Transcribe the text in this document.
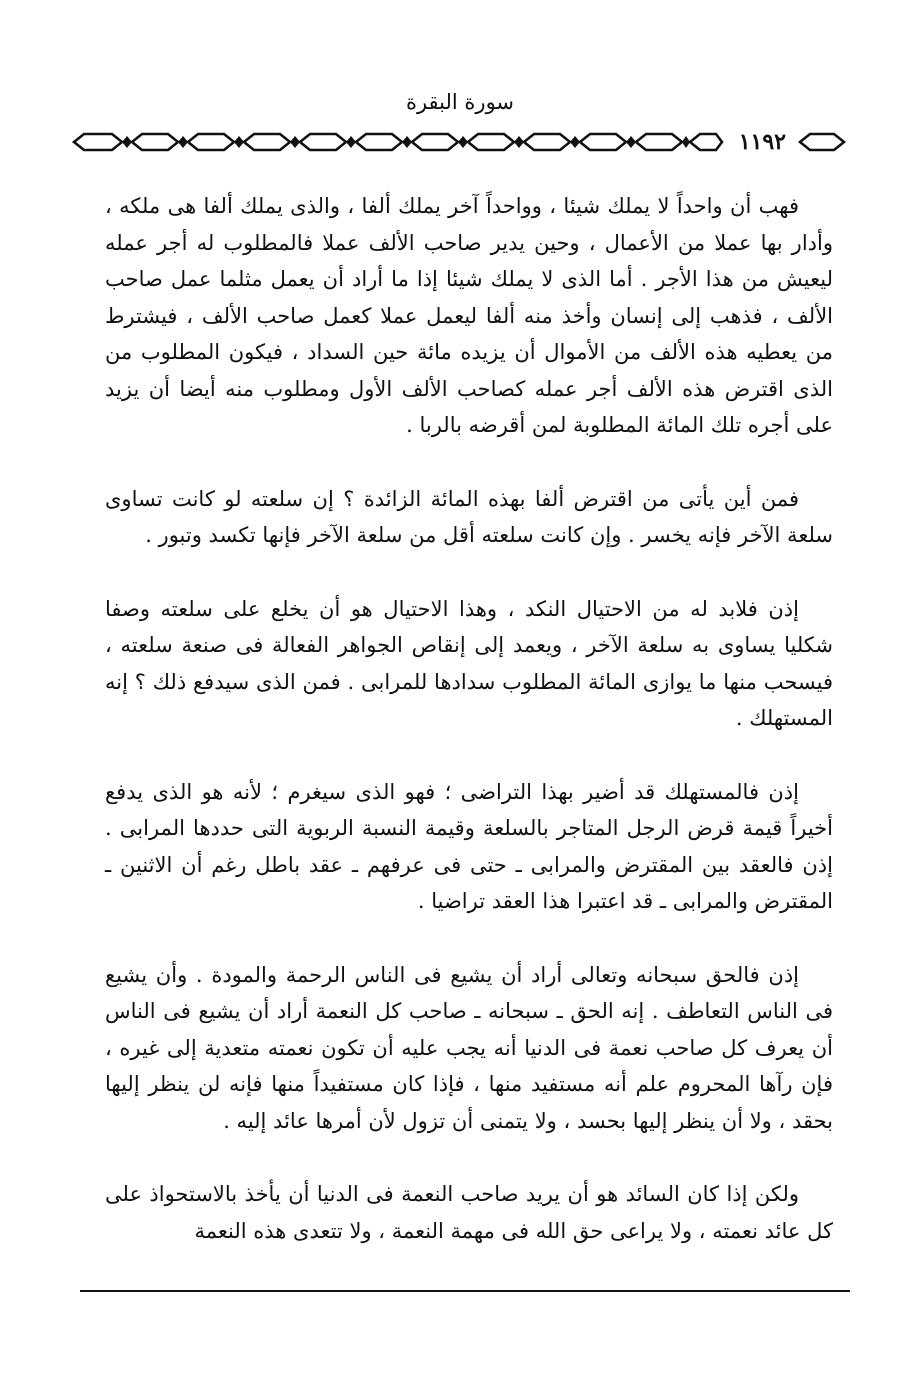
سورة البقرة
١١٩٢

فهب أن واحداً لا يملك شيئا ، وواحداً آخر يملك ألفا ، والذى يملك ألفا هى ملكه ، وأدار بها عملا من الأعمال ، وحين يدير صاحب الألف عملا فالمطلوب له أجر عمله ليعيش من هذا الأجر . أما الذى لا يملك شيئا إذا ما أراد أن يعمل مثلما عمل صاحب الألف ، فذهب إلى إنسان وأخذ منه ألفا ليعمل عملا كعمل صاحب الألف ، فيشترط من يعطيه هذه الألف من الأموال أن يزيده مائة حين السداد ، فيكون المطلوب من الذى اقترض هذه الألف أجر عمله كصاحب الألف الأول ومطلوب منه أيضا أن يزيد على أجره تلك المائة المطلوبة لمن أقرضه بالربا .

فمن أين يأتى من اقترض ألفا بهذه المائة الزائدة ؟ إن سلعته لو كانت تساوى سلعة الآخر فإنه يخسر . وإن كانت سلعته أقل من سلعة الآخر فإنها تكسد وتبور .

إذن فلابد له من الاحتيال النكد ، وهذا الاحتيال هو أن يخلع على سلعته وصفا شكليا يساوى به سلعة الآخر ، ويعمد إلى إنقاص الجواهر الفعالة فى صنعة سلعته ، فيسحب منها ما يوازى المائة المطلوب سدادها للمرابى . فمن الذى سيدفع ذلك ؟ إنه المستهلك .

إذن فالمستهلك قد أضير بهذا التراضى ؛ فهو الذى سيغرم ؛ لأنه هو الذى يدفع أخيراً قيمة قرض الرجل المتاجر بالسلعة وقيمة النسبة الربوية التى حددها المرابى . إذن فالعقد بين المقترض والمرابى ـ حتى فى عرفهم ـ عقد باطل رغم أن الاثنين ـ المقترض والمرابى ـ قد اعتبرا هذا العقد تراضيا .

إذن فالحق سبحانه وتعالى أراد أن يشيع فى الناس الرحمة والمودة . وأن يشيع فى الناس التعاطف . إنه الحق ـ سبحانه ـ صاحب كل النعمة أراد أن يشيع فى الناس أن يعرف كل صاحب نعمة فى الدنيا أنه يجب عليه أن تكون نعمته متعدية إلى غيره ، فإن رآها المحروم علم أنه مستفيد منها ، فإذا كان مستفيداً منها فإنه لن ينظر إليها بحقد ، ولا أن ينظر إليها بحسد ، ولا يتمنى أن تزول لأن أمرها عائد إليه .

ولكن إذا كان السائد هو أن يريد صاحب النعمة فى الدنيا أن يأخذ بالاستحواذ على كل عائد نعمته ، ولا يراعى حق الله فى مهمة النعمة ، ولا تتعدى هذه النعمة
